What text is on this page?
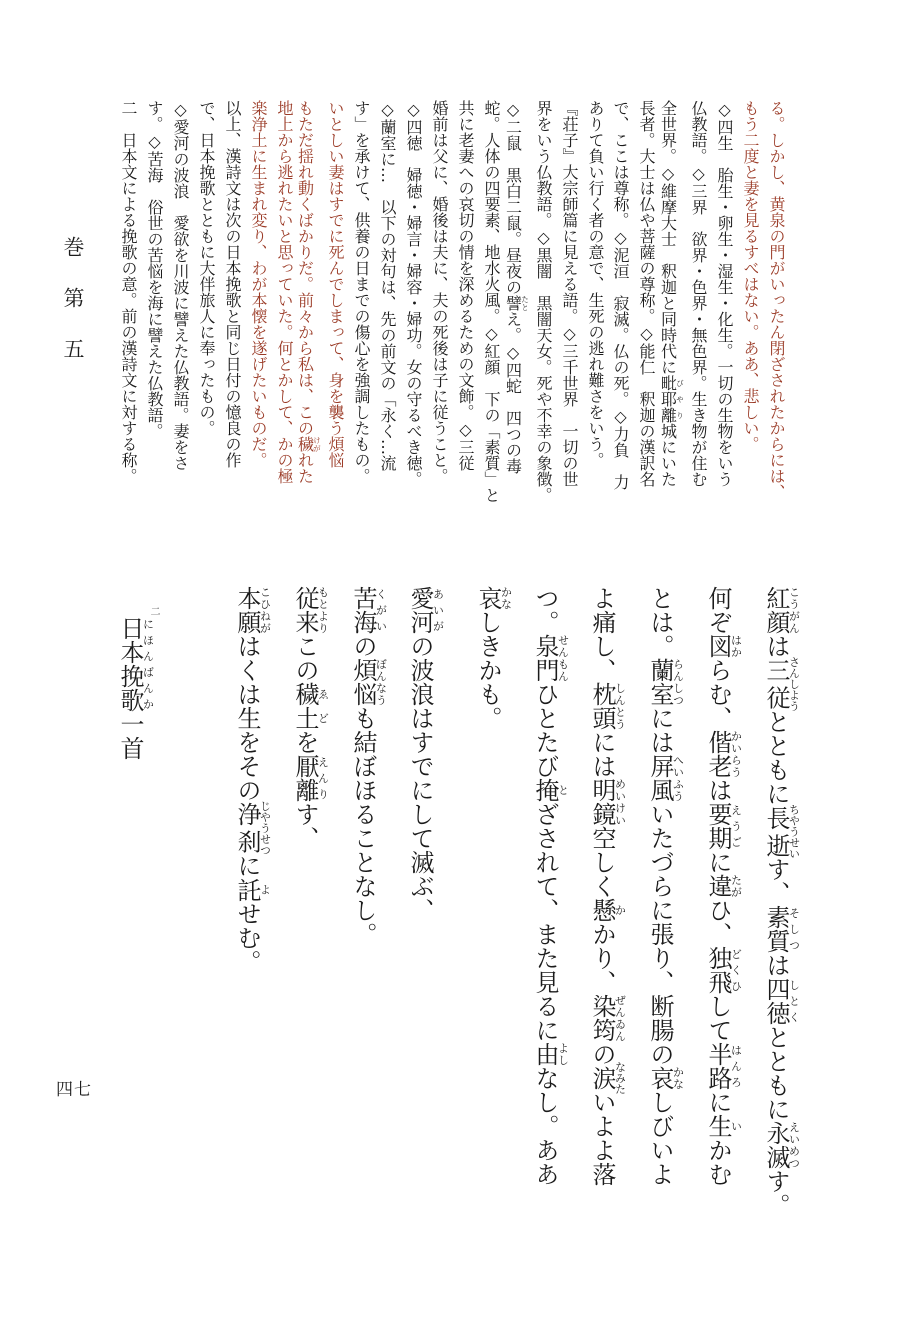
巻第五
四七
る。しかし、黄泉の門がいったん閉ざされたからには、
もう二度と妻を見るすべはない。ああ、悲しい。
◇四生　胎生・卵生・湿生・化生。一切の生物をいう
仏教語。◇三界　欲界・色界・無色界。生き物が住む
全世界。◇維摩大士　釈迦と同時代に毗耶離びやり城にいた
長者。大士は仏や菩薩の尊称。◇能仁　釈迦の漢訳名
で、ここは尊称。◇泥洹　寂滅。仏の死。◇力負　力
ありて負い行く者の意で、生死の逃れ難さをいう。
『荘子』大宗師篇に見える語。◇三千世界　一切の世
界をいう仏教語。◇黒闇　黒闇天女。死や不幸の象徴。
◇二鼠　黒白二鼠。昼夜の譬たとえ。◇四蛇　四つの毒
蛇。人体の四要素、地水火風。◇紅顔　下の「素質」と
共に老妻への哀切の情を深めるための文飾。◇三従
婚前は父に、婚後は夫に、夫の死後は子に従うこと。
◇四徳　婦徳・婦言・婦容・婦功。女の守るべき徳。
◇蘭室に…　以下の対句は、先の前文の「永く…流
す」を承けて、供養の日までの傷心を強調したもの。
いとしい妻はすでに死んでしまって、身を襲う煩悩
もただ揺れ動くばかりだ。前々から私は、この穢けがれた
地上から逃れたいと思っていた。何とかして、かの極
楽浄土に生まれ変り、わが本懐を遂げたいものだ。
以上、漢詩文は次の日本挽歌と同じ日付の憶良の作
で、日本挽歌とともに大伴旅人に奉ったもの。
◇愛河の波浪　愛欲を川波に譬えた仏教語。妻をさ
す。◇苦海　俗世の苦悩を海に譬えた仏教語。
二　日本文による挽歌の意。前の漢詩文に対する称。
二	紅顔こうがんは三従さんしようとともに長逝ちやうせいす、素質そしつは四徳しとくとともに永滅えいめつす。
何ぞ図はからむ、偕老かいらうは要期えうごに違たがひ、独飛どくひして半路はんろに生いかむ
とは。蘭室らんしつには屏風へいふういたづらに張り、断腸の哀かなしびいよ
よ痛し、枕頭しんとうには明鏡めいけい空しく懸かかり、染筠ぜんゐんの涙なみたいよよ落
つ。泉門せんもんひとたび掩とざされて、また見るに由よしなし。ああ
哀かなしきかも。
愛河あいがの波浪はすでにして滅ぶ、
苦海くがいの煩悩ぼんなうも結ぼほることなし。
従来もとよりこの穢土ゑどを厭離えんりす、
本願こひねがはくは生をその浄刹じやうせつに託よせむ。
日本挽歌にほんばんか一首
